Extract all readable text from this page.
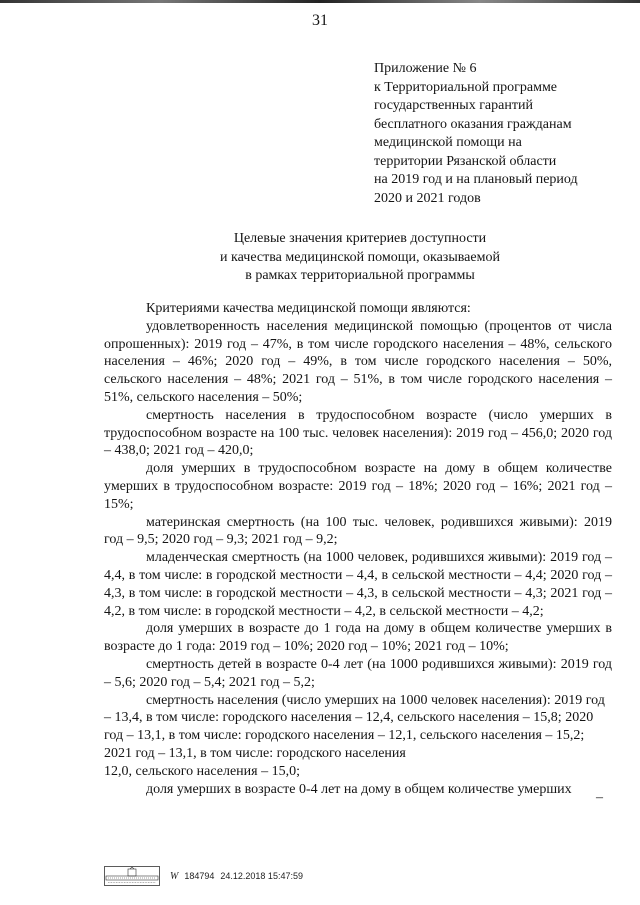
31
Приложение № 6
к Территориальной программе
государственных гарантий
бесплатного оказания гражданам
медицинской помощи на
территории Рязанской области
на 2019 год и на плановый период
2020 и 2021 годов
Целевые значения критериев доступности
и качества медицинской помощи, оказываемой
в рамках территориальной программы

Критериями качества медицинской помощи являются:

удовлетворенность населения медицинской помощью (процентов от числа опрошенных): 2019 год – 47%, в том числе городского населения – 48%, сельского населения – 46%; 2020 год – 49%, в том числе городского населения – 50%, сельского населения – 48%; 2021 год – 51%, в том числе городского населения – 51%, сельского населения – 50%;

смертность населения в трудоспособном возрасте (число умерших в трудоспособном возрасте на 100 тыс. человек населения): 2019 год – 456,0; 2020 год – 438,0; 2021 год – 420,0;

доля умерших в трудоспособном возрасте на дому в общем количестве умерших в трудоспособном возрасте: 2019 год – 18%; 2020 год – 16%; 2021 год – 15%;

материнская смертность (на 100 тыс. человек, родившихся живыми): 2019 год – 9,5; 2020 год – 9,3; 2021 год – 9,2;

младенческая смертность (на 1000 человек, родившихся живыми): 2019 год – 4,4, в том числе: в городской местности – 4,4, в сельской местности – 4,4; 2020 год – 4,3, в том числе: в городской местности – 4,3, в сельской местности – 4,3; 2021 год – 4,2, в том числе: в городской местности – 4,2, в сельской местности – 4,2;

доля умерших в возрасте до 1 года на дому в общем количестве умерших в возрасте до 1 года: 2019 год – 10%; 2020 год – 10%; 2021 год – 10%;

смертность детей в возрасте 0-4 лет (на 1000 родившихся живыми): 2019 год – 5,6; 2020 год – 5,4; 2021 год – 5,2;

смертность населения (число умерших на 1000 человек населения): 2019 год – 13,4, в том числе: городского населения – 12,4, сельского населения – 15,8; 2020 год – 13,1, в том числе: городского населения – 12,1, сельского населения – 15,2; 2021 год – 13,1, в том числе: городского населения

12,0, сельского населения – 15,0;

доля умерших в возрасте 0-4 лет на дому в общем количестве умерших

–
W 184794 24.12.2018 15:47:59
